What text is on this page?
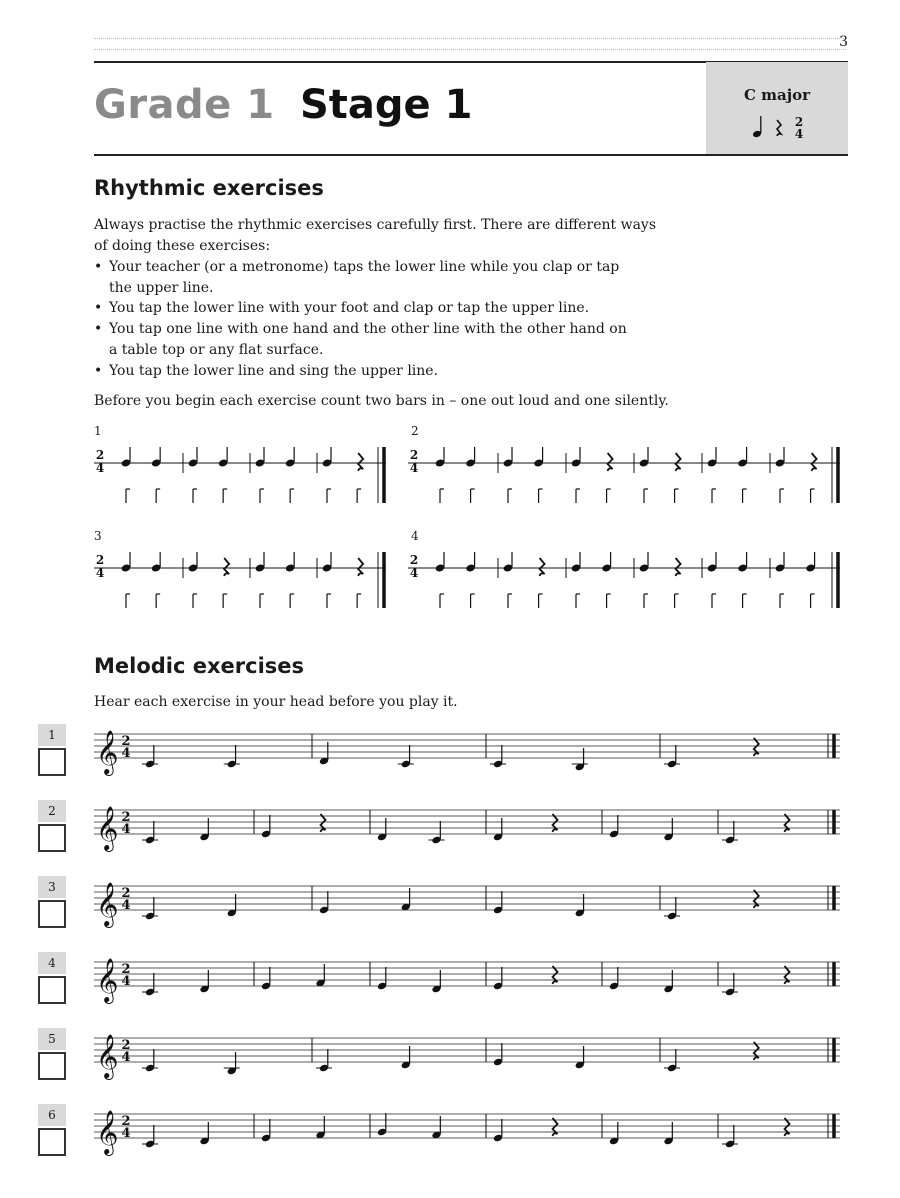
3
Grade 1 Stage 1	C major
2
4
Rhythmic exercises
Always practise the rhythmic exercises carefully first. There are different ways
of doing these exercises:
• Your teacher (or a metronome) taps the lower line while you clap or tap
the upper line.
• You tap the lower line with your foot and clap or tap the upper line.
• You tap one line with one hand and the other line with the other hand on
a table top or any flat surface.
• You tap the lower line and sing the upper line.
Before you begin each exercise count two bars in – one out loud and one silently.
1	2
3	4
2
4
2
4
2
4
2
4
Melodic exercises
Hear each exercise in your head before you play it.
1
2
3
4
5
6
𝄞 2
4
𝄞 2
4
𝄞 2
4
𝄞 2
4
𝄞 2
4
𝄞 2
4
